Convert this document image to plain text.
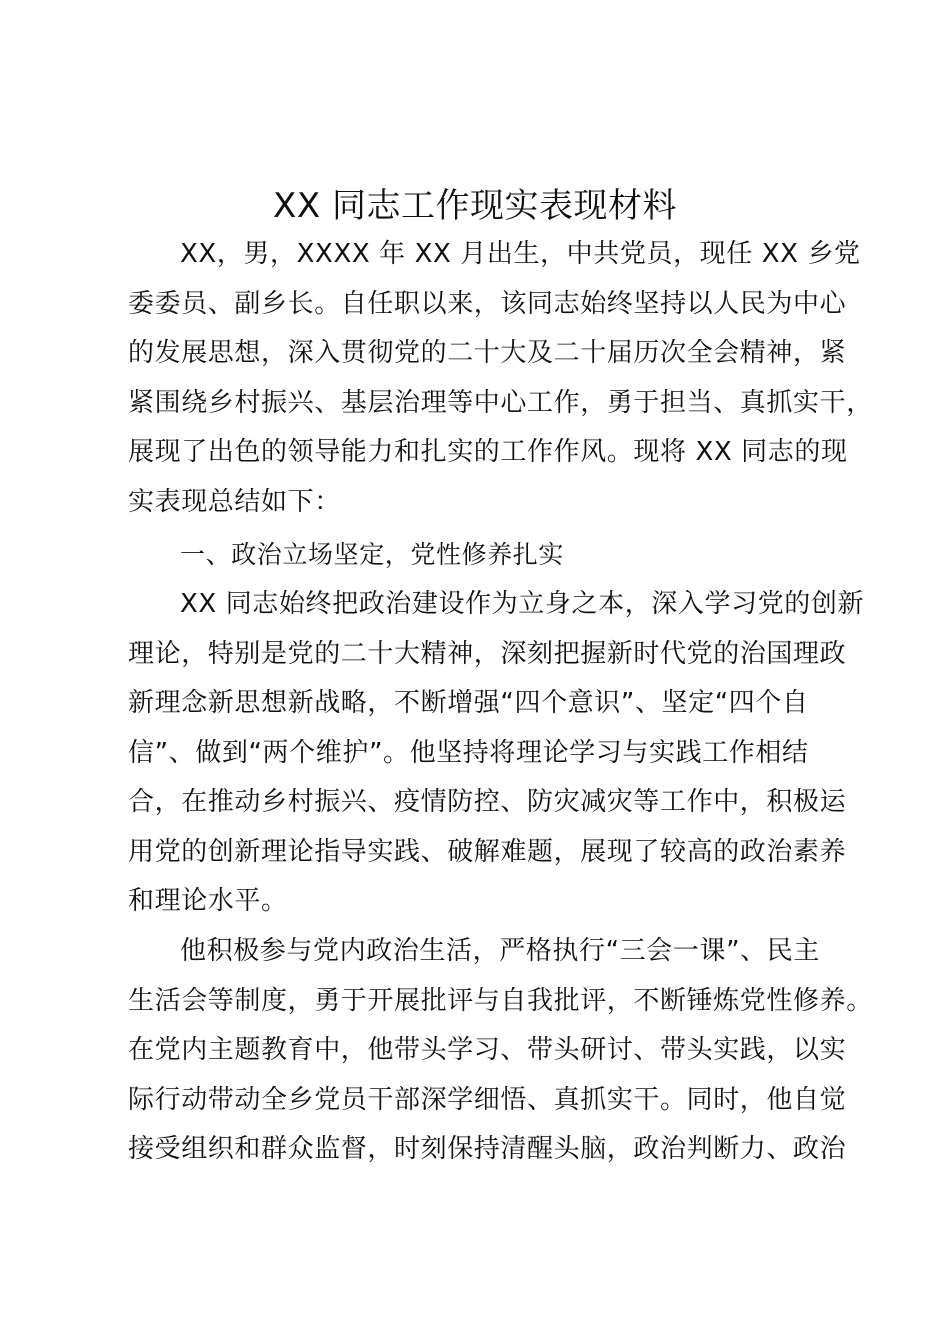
XX 同志工作现实表现材料
XX，男，XXXX 年 XX 月出生，中共党员，现任 XX 乡党
委委员、副乡长。自任职以来，该同志始终坚持以人民为中心
的发展思想，深入贯彻党的二十大及二十届历次全会精神，紧
紧围绕乡村振兴、基层治理等中心工作，勇于担当、真抓实干，
展现了出色的领导能力和扎实的工作作风。现将 XX 同志的现
实表现总结如下：
一、政治立场坚定，党性修养扎实
XX 同志始终把政治建设作为立身之本，深入学习党的创新
理论，特别是党的二十大精神，深刻把握新时代党的治国理政
新理念新思想新战略，不断增强“四个意识”、坚定“四个自
信”、做到“两个维护”。他坚持将理论学习与实践工作相结
合，在推动乡村振兴、疫情防控、防灾减灾等工作中，积极运
用党的创新理论指导实践、破解难题，展现了较高的政治素养
和理论水平。
他积极参与党内政治生活，严格执行“三会一课”、民主
生活会等制度，勇于开展批评与自我批评，不断锤炼党性修养。
在党内主题教育中，他带头学习、带头研讨、带头实践，以实
际行动带动全乡党员干部深学细悟、真抓实干。同时，他自觉
接受组织和群众监督，时刻保持清醒头脑，政治判断力、政治
